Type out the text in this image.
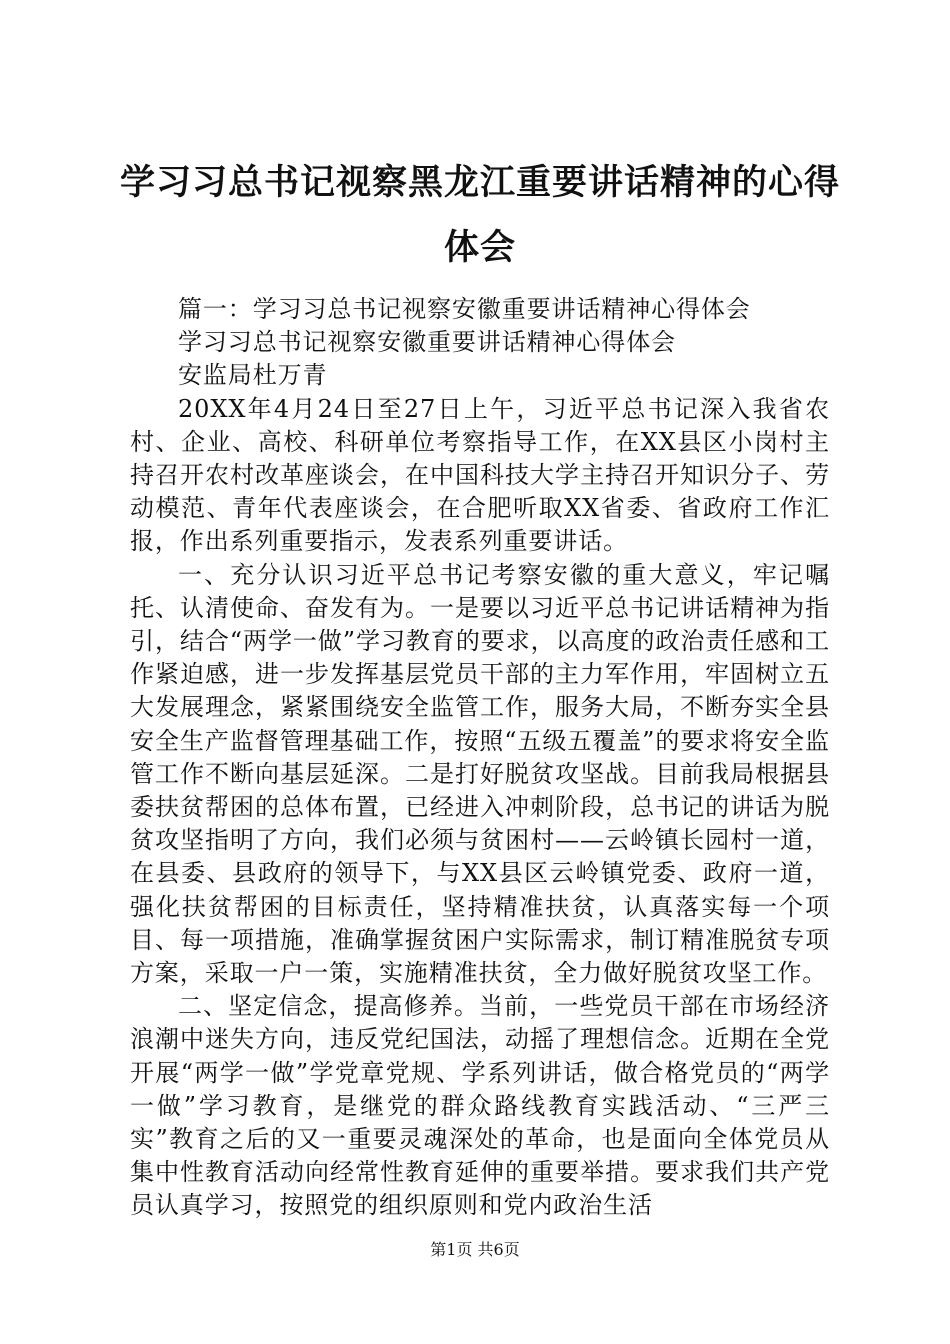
学习习总书记视察黑龙江重要讲话精神的心得
体会

篇一：学习习总书记视察安徽重要讲话精神心得体会

学习习总书记视察安徽重要讲话精神心得体会

安监局杜万青

20XX年4月24日至27日上午，习近平总书记深入我省农村、企业、高校、科研单位考察指导工作，在XX县区小岗村主持召开农村改革座谈会，在中国科技大学主持召开知识分子、劳动模范、青年代表座谈会，在合肥听取XX省委、省政府工作汇报，作出系列重要指示，发表系列重要讲话。

一、充分认识习近平总书记考察安徽的重大意义，牢记嘱托、认清使命、奋发有为。一是要以习近平总书记讲话精神为指引，结合“两学一做”学习教育的要求，以高度的政治责任感和工作紧迫感，进一步发挥基层党员干部的主力军作用，牢固树立五大发展理念，紧紧围绕安全监管工作，服务大局，不断夯实全县安全生产监督管理基础工作，按照“五级五覆盖”的要求将安全监管工作不断向基层延深。二是打好脱贫攻坚战。目前我局根据县委扶贫帮困的总体布置，已经进入冲刺阶段，总书记的讲话为脱贫攻坚指明了方向，我们必须与贫困村——云岭镇长园村一道，在县委、县政府的领导下，与XX县区云岭镇党委、政府一道，强化扶贫帮困的目标责任，坚持精准扶贫，认真落实每一个项目、每一项措施，准确掌握贫困户实际需求，制订精准脱贫专项方案，采取一户一策，实施精准扶贫，全力做好脱贫攻坚工作。

二、坚定信念，提高修养。当前，一些党员干部在市场经济浪潮中迷失方向，违反党纪国法，动摇了理想信念。近期在全党开展“两学一做”学党章党规、学系列讲话，做合格党员的“两学一做”学习教育，是继党的群众路线教育实践活动、“三严三实”教育之后的又一重要灵魂深处的革命，也是面向全体党员从集中性教育活动向经常性教育延伸的重要举措。要求我们共产党员认真学习，按照党的组织原则和党内政治生活

第1页 共6页
